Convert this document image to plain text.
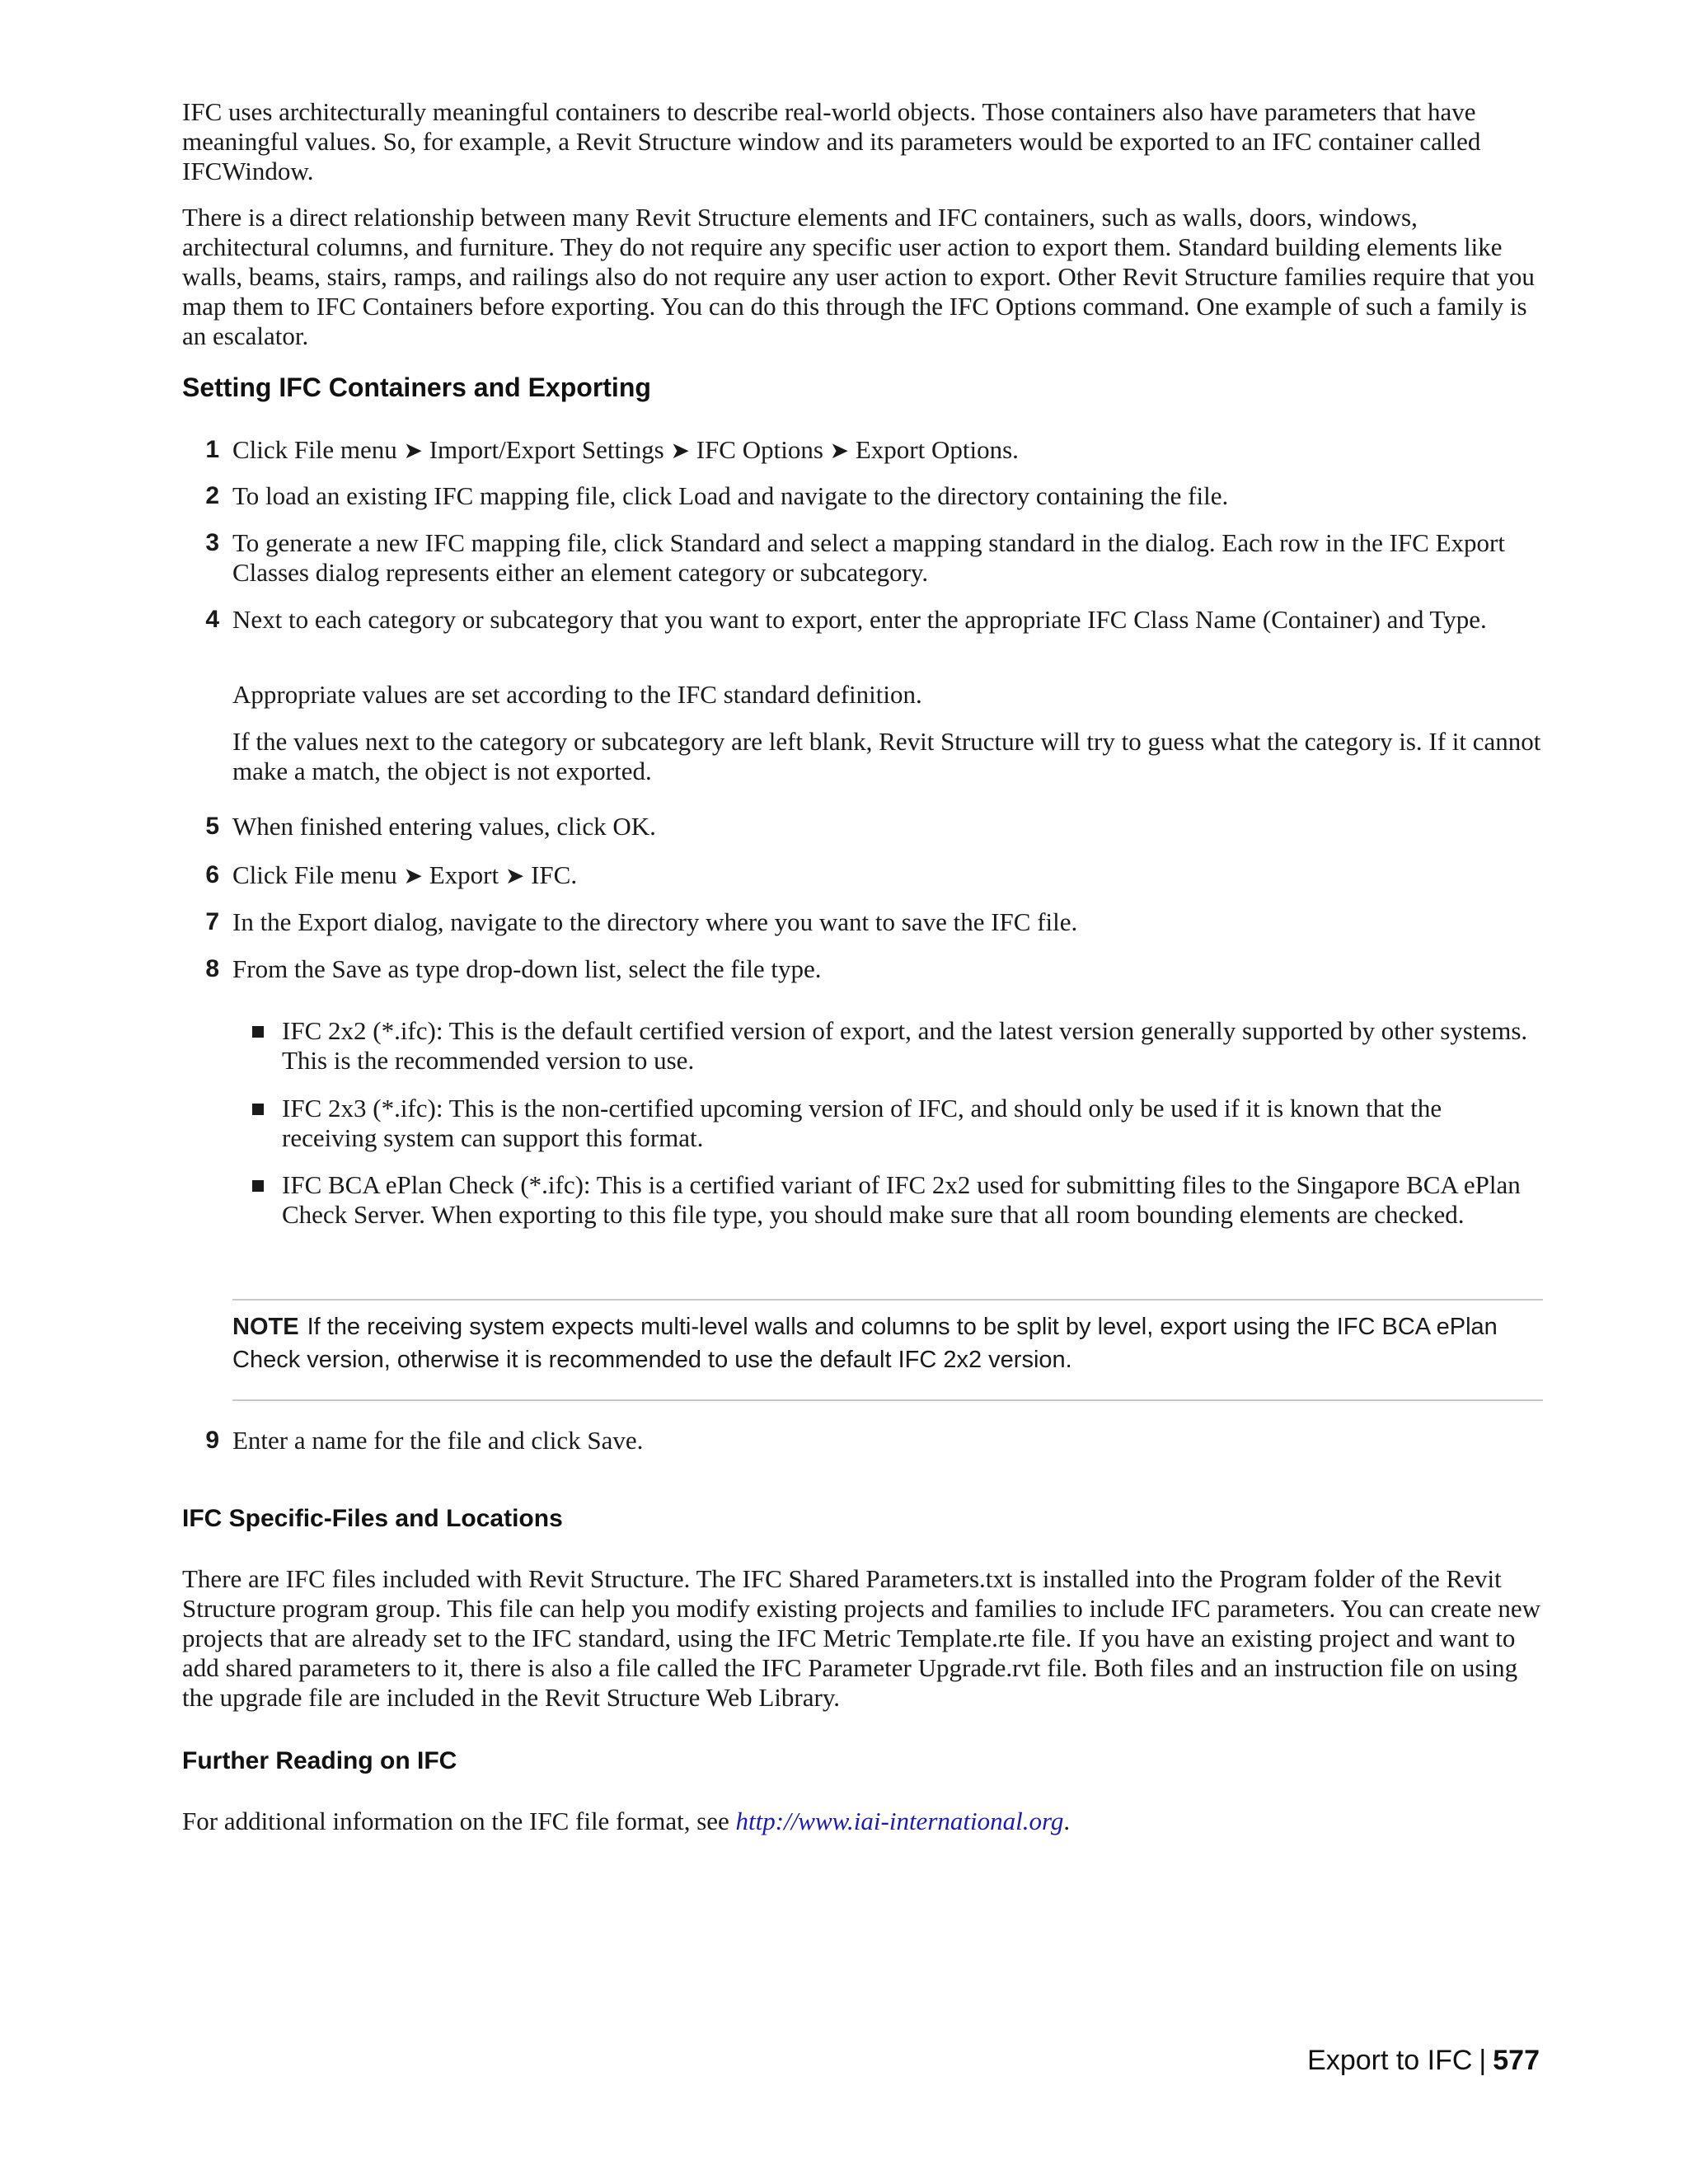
IFC uses architecturally meaningful containers to describe real-world objects. Those containers also have parameters that have meaningful values. So, for example, a Revit Structure window and its parameters would be exported to an IFC container called IFCWindow.

There is a direct relationship between many Revit Structure elements and IFC containers, such as walls, doors, windows, architectural columns, and furniture. They do not require any specific user action to export them. Standard building elements like walls, beams, stairs, ramps, and railings also do not require any user action to export. Other Revit Structure families require that you map them to IFC Containers before exporting. You can do this through the IFC Options command. One example of such a family is an escalator.

Setting IFC Containers and Exporting
1 Click File menu ➤ Import/Export Settings ➤ IFC Options ➤ Export Options.
2 To load an existing IFC mapping file, click Load and navigate to the directory containing the file.
3 To generate a new IFC mapping file, click Standard and select a mapping standard in the dialog. Each row in the IFC Export Classes dialog represents either an element category or subcategory.
4 Next to each category or subcategory that you want to export, enter the appropriate IFC Class Name (Container) and Type.
Appropriate values are set according to the IFC standard definition.
If the values next to the category or subcategory are left blank, Revit Structure will try to guess what the category is. If it cannot make a match, the object is not exported.
5 When finished entering values, click OK.
6 Click File menu ➤ Export ➤ IFC.
7 In the Export dialog, navigate to the directory where you want to save the IFC file.
8 From the Save as type drop-down list, select the file type.
IFC 2x2 (*.ifc): This is the default certified version of export, and the latest version generally supported by other systems. This is the recommended version to use.
IFC 2x3 (*.ifc): This is the non-certified upcoming version of IFC, and should only be used if it is known that the receiving system can support this format.
IFC BCA ePlan Check (*.ifc): This is a certified variant of IFC 2x2 used for submitting files to the Singapore BCA ePlan Check Server. When exporting to this file type, you should make sure that all room bounding elements are checked.
NOTE If the receiving system expects multi-level walls and columns to be split by level, export using the IFC BCA ePlan Check version, otherwise it is recommended to use the default IFC 2x2 version.
9 Enter a name for the file and click Save.
IFC Specific-Files and Locations

There are IFC files included with Revit Structure. The IFC Shared Parameters.txt is installed into the Program folder of the Revit Structure program group. This file can help you modify existing projects and families to include IFC parameters. You can create new projects that are already set to the IFC standard, using the IFC Metric Template.rte file. If you have an existing project and want to add shared parameters to it, there is also a file called the IFC Parameter Upgrade.rvt file. Both files and an instruction file on using the upgrade file are included in the Revit Structure Web Library.

Further Reading on IFC

For additional information on the IFC file format, see http://www.iai-international.org.

Export to IFC | 577
